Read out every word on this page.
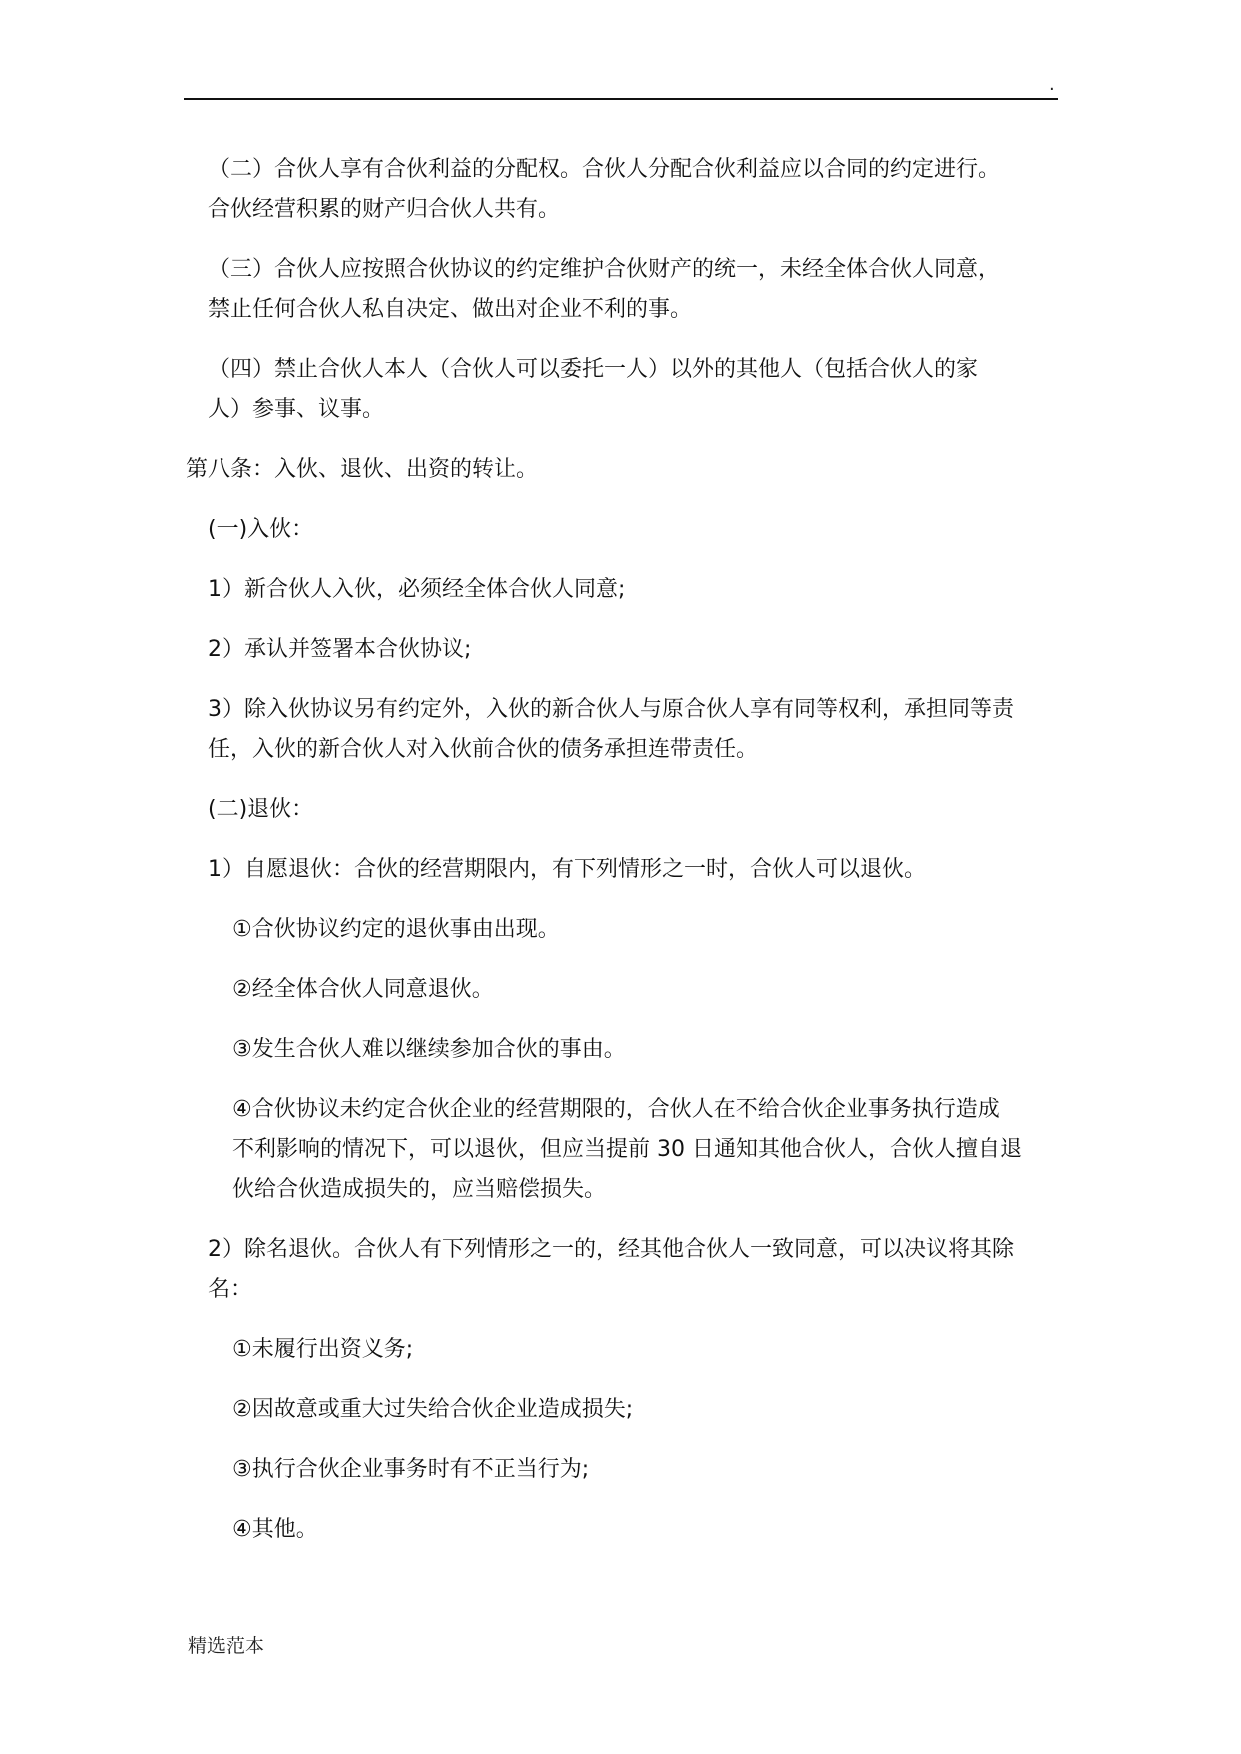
.

（二）合伙人享有合伙利益的分配权。合伙人分配合伙利益应以合同的约定进行。
合伙经营积累的财产归合伙人共有。

（三）合伙人应按照合伙协议的约定维护合伙财产的统一，未经全体合伙人同意，
禁止任何合伙人私自决定、做出对企业不利的事。

（四）禁止合伙人本人（合伙人可以委托一人）以外的其他人（包括合伙人的家
人）参事、议事。

第八条：入伙、退伙、出资的转让。

(一)入伙：

1）新合伙人入伙，必须经全体合伙人同意;

2）承认并签署本合伙协议;

3）除入伙协议另有约定外，入伙的新合伙人与原合伙人享有同等权利，承担同等责
任，入伙的新合伙人对入伙前合伙的债务承担连带责任。

(二)退伙：

1）自愿退伙：合伙的经营期限内，有下列情形之一时，合伙人可以退伙。

①合伙协议约定的退伙事由出现。

②经全体合伙人同意退伙。

③发生合伙人难以继续参加合伙的事由。

④合伙协议未约定合伙企业的经营期限的，合伙人在不给合伙企业事务执行造成
不利影响的情况下，可以退伙，但应当提前 30 日通知其他合伙人，合伙人擅自退
伙给合伙造成损失的，应当赔偿损失。

2）除名退伙。合伙人有下列情形之一的，经其他合伙人一致同意，可以决议将其除
名：

①未履行出资义务;

②因故意或重大过失给合伙企业造成损失;

③执行合伙企业事务时有不正当行为;

④其他。

精选范本
